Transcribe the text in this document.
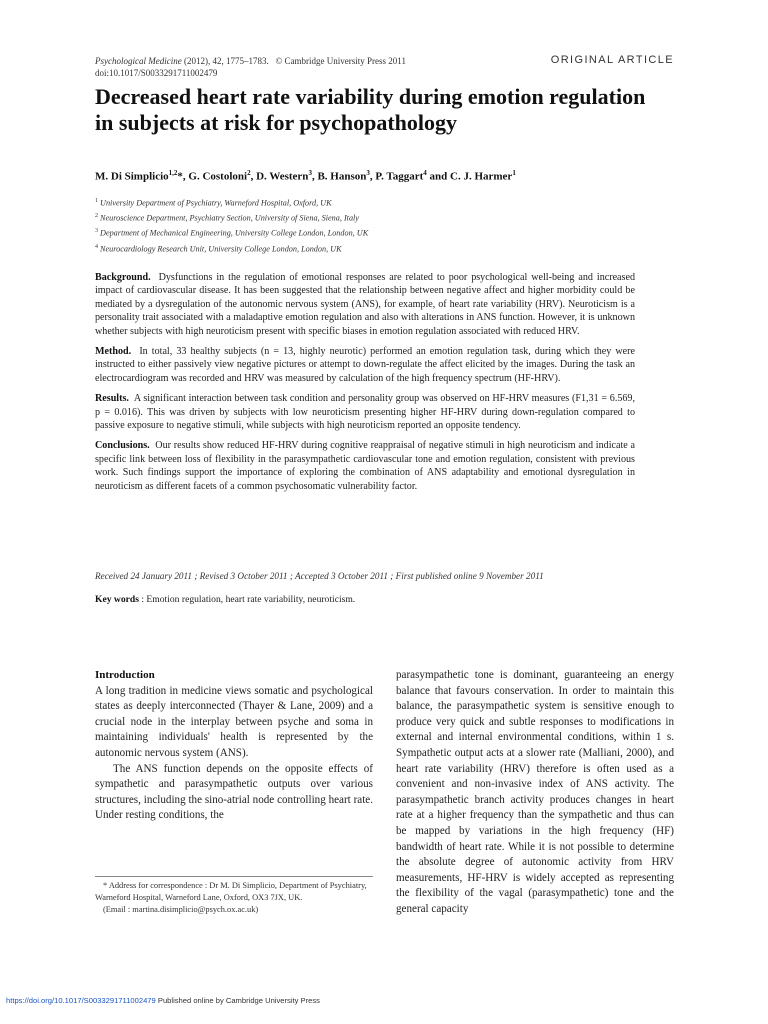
Psychological Medicine (2012), 42, 1775–1783. © Cambridge University Press 2011
doi:10.1017/S0033291711002479
ORIGINAL ARTICLE
Decreased heart rate variability during emotion regulation in subjects at risk for psychopathology
M. Di Simplicio$^{1,2}$*, G. Costoloni$^2$, D. Western$^3$, B. Hanson$^3$, P. Taggart$^4$ and C. J. Harmer$^1$
$^1$ University Department of Psychiatry, Warneford Hospital, Oxford, UK
$^2$ Neuroscience Department, Psychiatry Section, University of Siena, Siena, Italy
$^3$ Department of Mechanical Engineering, University College London, London, UK
$^4$ Neurocardiology Research Unit, University College London, London, UK

Background. Dysfunctions in the regulation of emotional responses are related to poor psychological well-being and increased impact of cardiovascular disease. It has been suggested that the relationship between negative affect and higher morbidity could be mediated by a dysregulation of the autonomic nervous system (ANS), for example, of heart rate variability (HRV). Neuroticism is a personality trait associated with a maladaptive emotion regulation and also with alterations in ANS function. However, it is unknown whether subjects with high neuroticism present with specific biases in emotion regulation associated with reduced HRV.

Method. In total, 33 healthy subjects (n = 13, highly neurotic) performed an emotion regulation task, during which they were instructed to either passively view negative pictures or attempt to down-regulate the affect elicited by the images. During the task an electrocardiogram was recorded and HRV was measured by calculation of the high frequency spectrum (HF-HRV).

Results. A significant interaction between task condition and personality group was observed on HF-HRV measures (F1,31 = 6.569, p = 0.016). This was driven by subjects with low neuroticism presenting higher HF-HRV during down-regulation compared to passive exposure to negative stimuli, while subjects with high neuroticism reported an opposite tendency.

Conclusions. Our results show reduced HF-HRV during cognitive reappraisal of negative stimuli in high neuroticism and indicate a specific link between loss of flexibility in the parasympathetic cardiovascular tone and emotion regulation, consistent with previous work. Such findings support the importance of exploring the combination of ANS adaptability and emotional dysregulation in neuroticism as different facets of a common psychosomatic vulnerability factor.

Received 24 January 2011 ; Revised 3 October 2011 ; Accepted 3 October 2011 ; First published online 9 November 2011
Key words : Emotion regulation, heart rate variability, neuroticism.

Introduction

A long tradition in medicine views somatic and psychological states as deeply interconnected (Thayer & Lane, 2009) and a crucial node in the interplay between psyche and soma in maintaining individuals' health is represented by the autonomic nervous system (ANS).

The ANS function depends on the opposite effects of sympathetic and parasympathetic outputs over various structures, including the sino-atrial node controlling heart rate. Under resting conditions, the

parasympathetic tone is dominant, guaranteeing an energy balance that favours conservation. In order to maintain this balance, the parasympathetic system is sensitive enough to produce very quick and subtle responses to modifications in external and internal environmental conditions, within 1 s. Sympathetic output acts at a slower rate (Malliani, 2000), and heart rate variability (HRV) therefore is often used as a convenient and non-invasive index of ANS activity. The parasympathetic branch activity produces changes in heart rate at a higher frequency than the sympathetic and thus can be mapped by variations in the high frequency (HF) bandwidth of heart rate. While it is not possible to determine the absolute degree of autonomic activity from HRV measurements, HF-HRV is widely accepted as representing the flexibility of the vagal (parasympathetic) tone and the general capacity

* Address for correspondence : Dr M. Di Simplicio, Department of Psychiatry, Warneford Hospital, Warneford Lane, Oxford, OX3 7JX, UK.

(Email : martina.disimplicio@psych.ox.ac.uk)

https://doi.org/10.1017/S0033291711002479 Published online by Cambridge University Press
